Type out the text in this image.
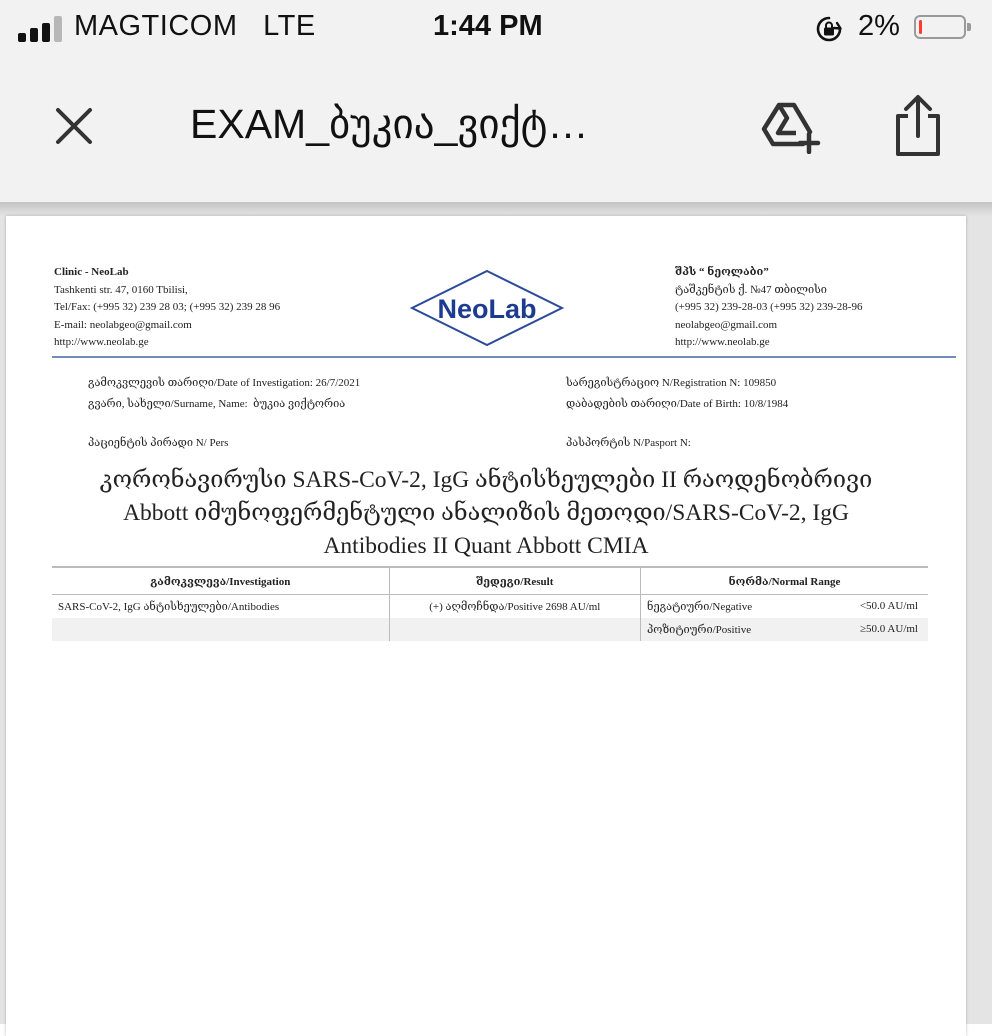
MAGTICOM LTE	1:44 PM	2%
EXAM_ბუკია_ვიქტ…
Clinic - NeoLab
Tashkenti str. 47, 0160 Tbilisi,
Tel/Fax: (+995 32) 239 28 03; (+995 32) 239 28 96
E-mail: neolabgeo@gmail.com
http://www.neolab.ge
NeoLab
შპს “ ნეოლაბი”
ტაშკენტის ქ. №47 თბილისი
(+995 32) 239-28-03 (+995 32) 239-28-96
neolabgeo@gmail.com
http://www.neolab.ge
გამოკვლევის თარიღი/Date of Investigation: 26/7/2021	სარეგისტრაციო N/Registration N: 109850
გვარი, სახელი/Surname, Name: ბუკია ვიქტორია	დაბადების თარიღი/Date of Birth: 10/8/1984
პაციენტის პირადი N/ Pers	პასპორტის N/Pasport N:
კორონავირუსი SARS-CoV-2, IgG ანტისხეულები II რაოდენობრივი
Abbott იმუნოფერმენტული ანალიზის მეთოდი/SARS-CoV-2, IgG
Antibodies II Quant Abbott CMIA
გამოკვლევა/Investigation	შედეგი/Result	ნორმა/Normal Range
SARS-CoV-2, IgG ანტისხეულები/Antibodies	(+) აღმოჩნდა/Positive 2698 AU/ml	ნეგატიური/Negative <50.0 AU/ml

		პოზიტიური/Positive ≥50.0 AU/ml
